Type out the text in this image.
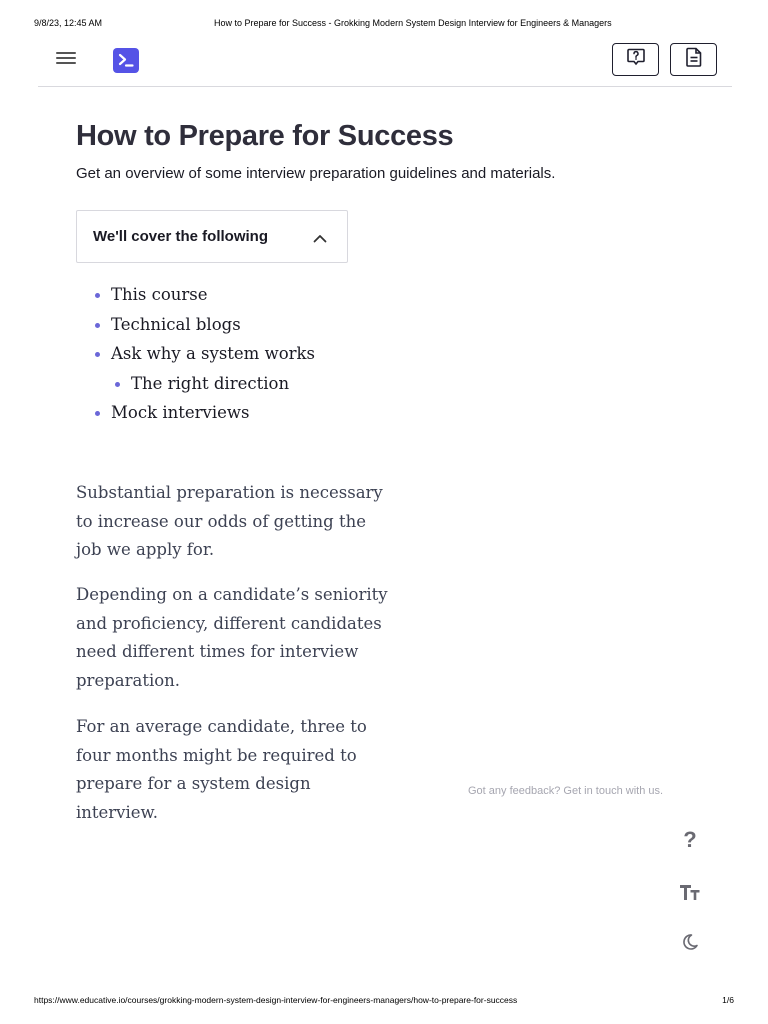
9/8/23, 12:45 AM	How to Prepare for Success - Grokking Modern System Design Interview for Engineers & Managers
How to Prepare for Success

Get an overview of some interview preparation guidelines and materials.

We'll cover the following
This course
Technical blogs
Ask why a system works
The right direction
Mock interviews

Substantial preparation is necessary to increase our odds of getting the job we apply for.

Depending on a candidate’s seniority and proficiency, different candidates need different times for interview preparation.

For an average candidate, three to four months might be required to prepare for a system design interview.

Got any feedback? Get in touch with us.
?
https://www.educative.io/courses/grokking-modern-system-design-interview-for-engineers-managers/how-to-prepare-for-success	1/6
